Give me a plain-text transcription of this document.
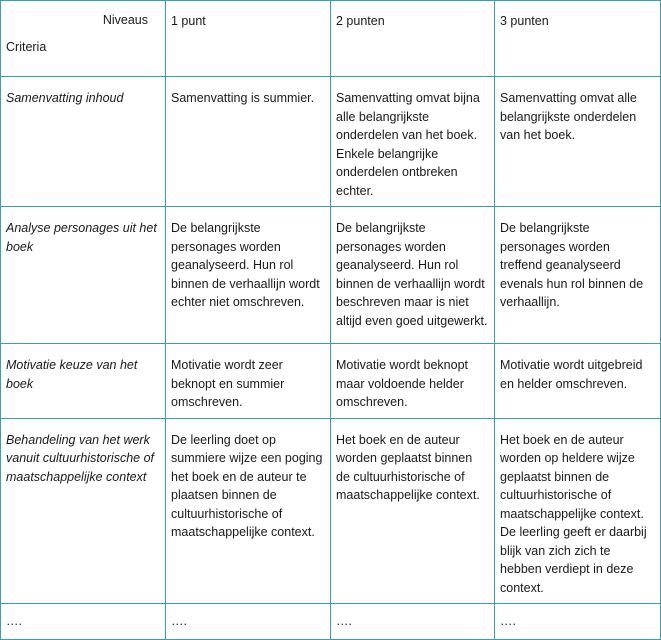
Niveaus
Criteria	1 punt	2 punten	3 punten
Samenvatting inhoud	Samenvatting is summier.	Samenvatting omvat bijna alle belangrijkste onderdelen van het boek. Enkele belangrijke onderdelen ontbreken echter.	Samenvatting omvat alle belangrijkste onderdelen van het boek.
Analyse personages uit het boek	De belangrijkste personages worden geanalyseerd. Hun rol binnen de verhaallijn wordt echter niet omschreven.	De belangrijkste personages worden geanalyseerd. Hun rol binnen de verhaallijn wordt beschreven maar is niet altijd even goed uitgewerkt.	De belangrijkste personages worden treffend geanalyseerd evenals hun rol binnen de verhaallijn.
Motivatie keuze van het boek	Motivatie wordt zeer beknopt en summier omschreven.	Motivatie wordt beknopt maar voldoende helder omschreven.	Motivatie wordt uitgebreid en helder omschreven.
Behandeling van het werk vanuit cultuurhistorische of maatschappelijke context	De leerling doet op summiere wijze een poging het boek en de auteur te plaatsen binnen de cultuurhistorische of maatschappelijke context.	Het boek en de auteur worden geplaatst binnen de cultuurhistorische of maatschappelijke context.	Het boek en de auteur worden op heldere wijze geplaatst binnen de cultuurhistorische of maatschappelijke context. De leerling geeft er daarbij blijk van zich zich te hebben verdiept in deze context.
….	….	….	….
